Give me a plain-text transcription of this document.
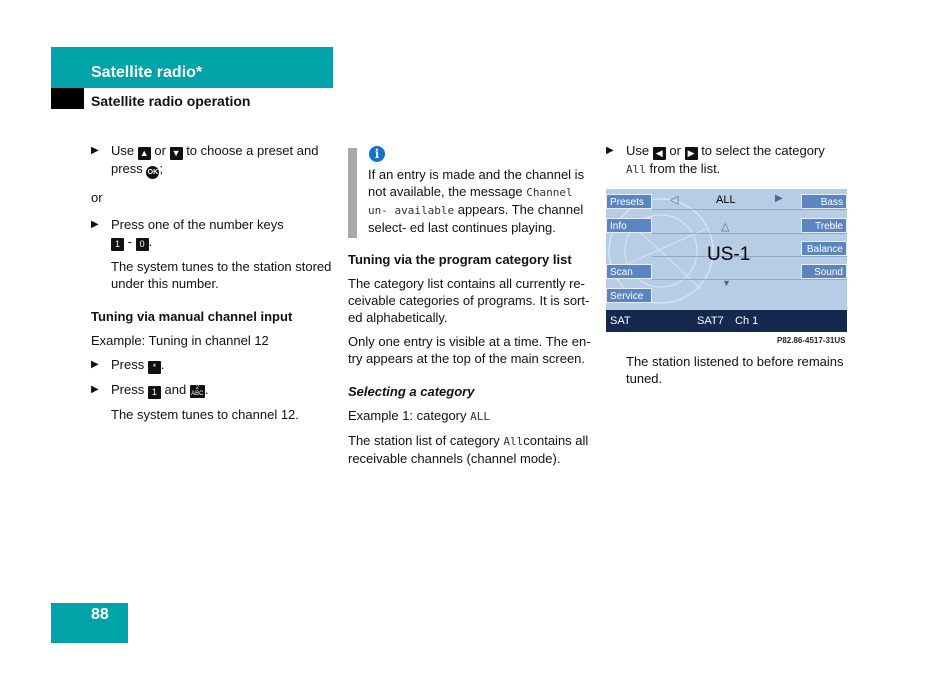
Satellite radio*
Satellite radio operation
▶ Use ▲ or ▼ to choose a preset and press OK;

or

▶ Press one of the number keys
1 - 0 .
The system tunes to the station stored under this number.
Tuning via manual channel input

Example: Tuning in channel 12

▶ Press * .
▶ Press 1 and 2 ABC.
The system tunes to channel 12.
i
If an entry is made and the channel is not available, the message Channel un- available appears. The channel select- ed last continues playing.
Tuning via the program category list

The category list contains all currently re- ceivable categories of programs. It is sort- ed alphabetically.

Only one entry is visible at a time. The en- try appears at the top of the main screen.

Selecting a category

Example 1: category ALL

The station list of category Allcontains all receivable channels (channel mode).

▶ Use ◀ or ▶ to select the category All from the list.
Presets
Info
Scan
Service
Bass
Treble
Balance
Sound
◁	ALL	▶
△
US-1
▼
SAT	SAT7 Ch 1
P82.86-4517-31US
The station listened to before remains tuned.
88
